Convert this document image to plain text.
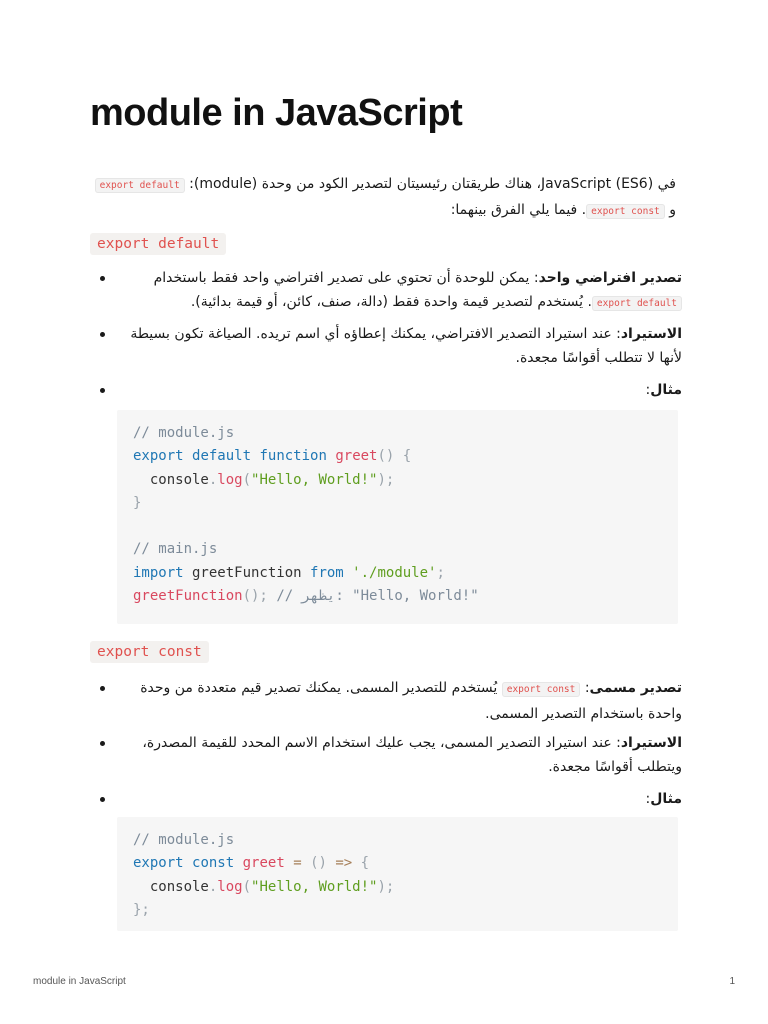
module in JavaScript
في JavaScript (ES6)، هناك طريقتان رئيسيتان لتصدير الكود من وحدة (module): export default و export const. فيما يلي الفرق بينهما:
export default
تصدير افتراضي واحد: يمكن للوحدة أن تحتوي على تصدير افتراضي واحد فقط باستخدام export default. يُستخدم لتصدير قيمة واحدة فقط (دالة، صنف، كائن، أو قيمة بدائية).
الاستيراد: عند استيراد التصدير الافتراضي، يمكنك إعطاؤه أي اسم تريده. الصياغة تكون بسيطة لأنها لا تتطلب أقواسًا مجعدة.
مثال:
// module.js
export default function greet() {
console.log("Hello, World!");
}

// main.js
import greetFunction from './module';
greetFunction(); // يظهر: "Hello, World!"
export const
تصدير مسمى: export const يُستخدم للتصدير المسمى. يمكنك تصدير قيم متعددة من وحدة واحدة باستخدام التصدير المسمى.
الاستيراد: عند استيراد التصدير المسمى، يجب عليك استخدام الاسم المحدد للقيمة المصدرة، ويتطلب أقواسًا مجعدة.
مثال:
// module.js
export const greet = () => {
console.log("Hello, World!");
};
module in JavaScript	1
